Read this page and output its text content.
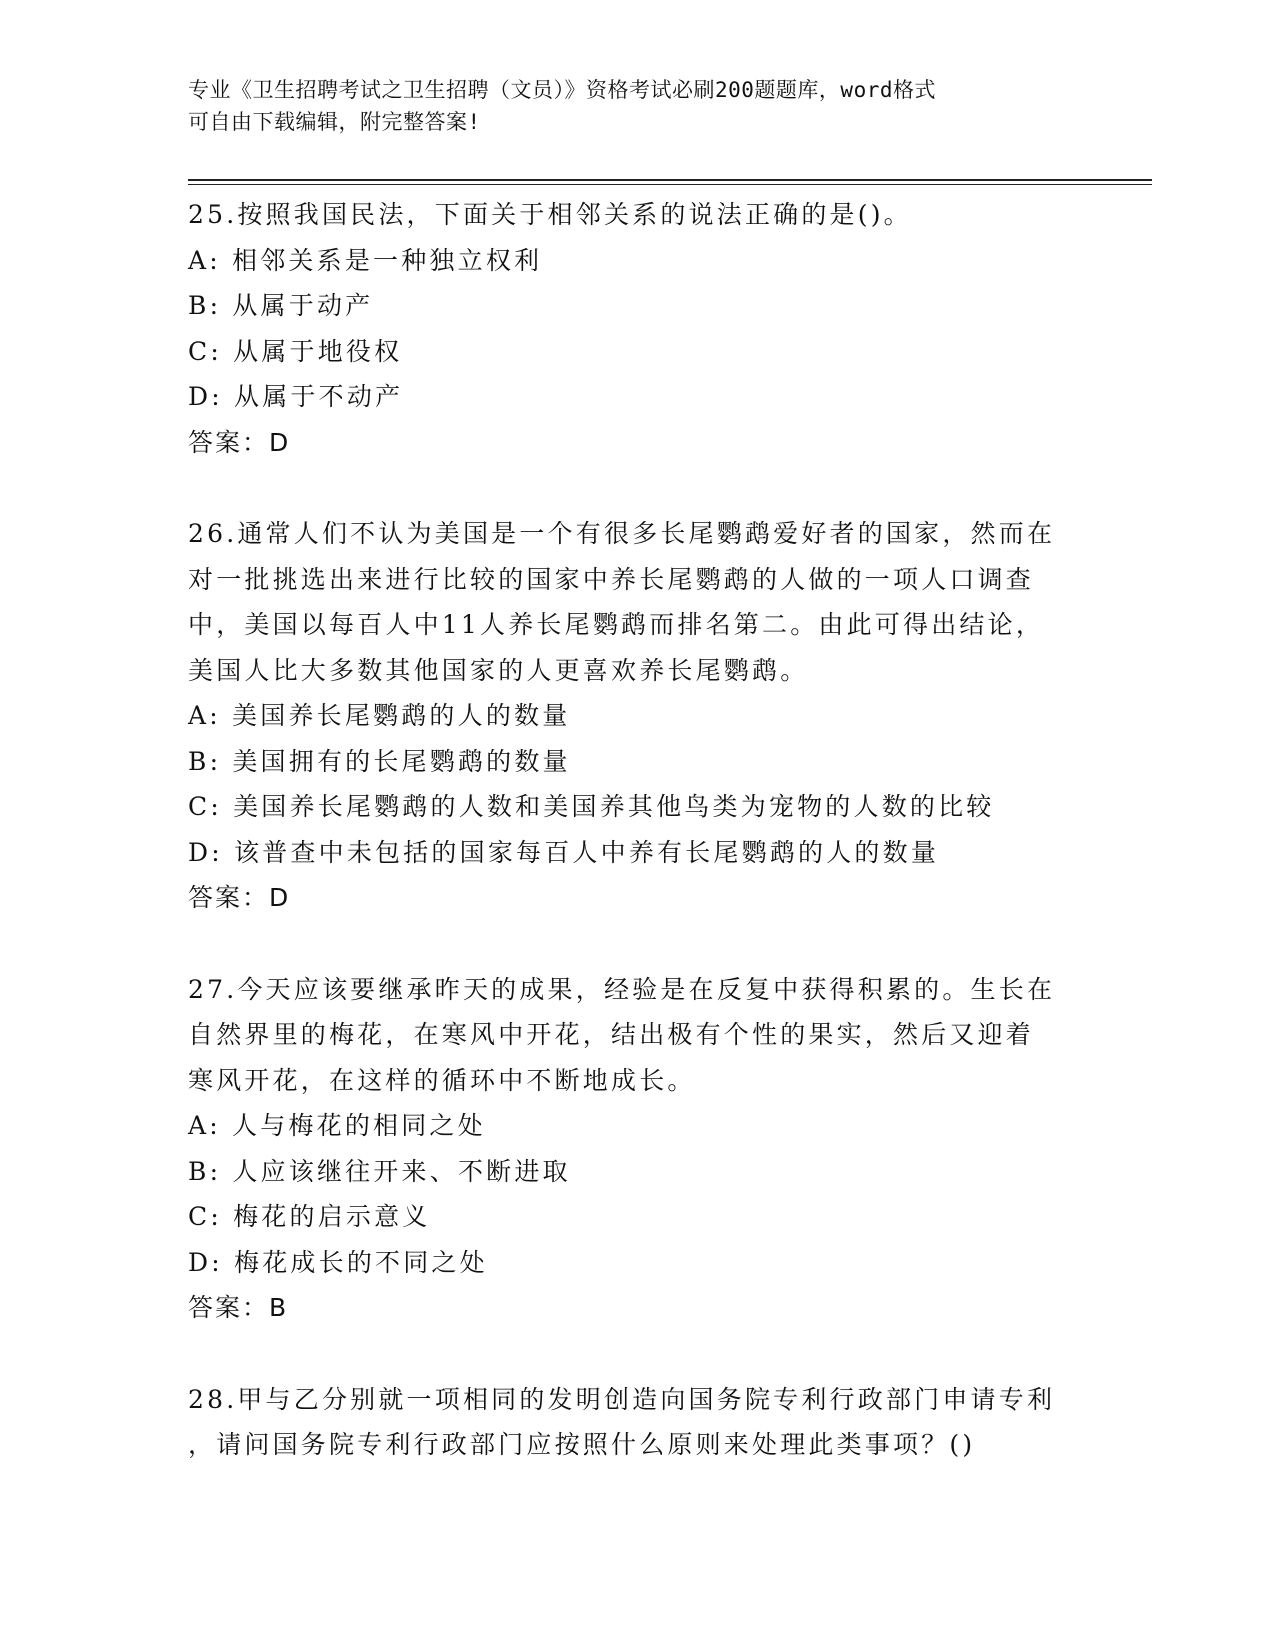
专业《卫生招聘考试之卫生招聘（文员）》资格考试必刷200题题库，word格式
可自由下载编辑，附完整答案!
25.按照我国民法，下面关于相邻关系的说法正确的是()。
A: 相邻关系是一种独立权利
B: 从属于动产
C: 从属于地役权
D: 从属于不动产
答案：D
26.通常人们不认为美国是一个有很多长尾鹦鹉爱好者的国家，然而在
对一批挑选出来进行比较的国家中养长尾鹦鹉的人做的一项人口调查
中，美国以每百人中11人养长尾鹦鹉而排名第二。由此可得出结论，
美国人比大多数其他国家的人更喜欢养长尾鹦鹉。
A: 美国养长尾鹦鹉的人的数量
B: 美国拥有的长尾鹦鹉的数量
C: 美国养长尾鹦鹉的人数和美国养其他鸟类为宠物的人数的比较
D: 该普查中未包括的国家每百人中养有长尾鹦鹉的人的数量
答案：D
27.今天应该要继承昨天的成果，经验是在反复中获得积累的。生长在
自然界里的梅花，在寒风中开花，结出极有个性的果实，然后又迎着
寒风开花，在这样的循环中不断地成长。
A: 人与梅花的相同之处
B: 人应该继往开来、不断进取
C: 梅花的启示意义
D: 梅花成长的不同之处
答案：B
28.甲与乙分别就一项相同的发明创造向国务院专利行政部门申请专利
，请问国务院专利行政部门应按照什么原则来处理此类事项？()
